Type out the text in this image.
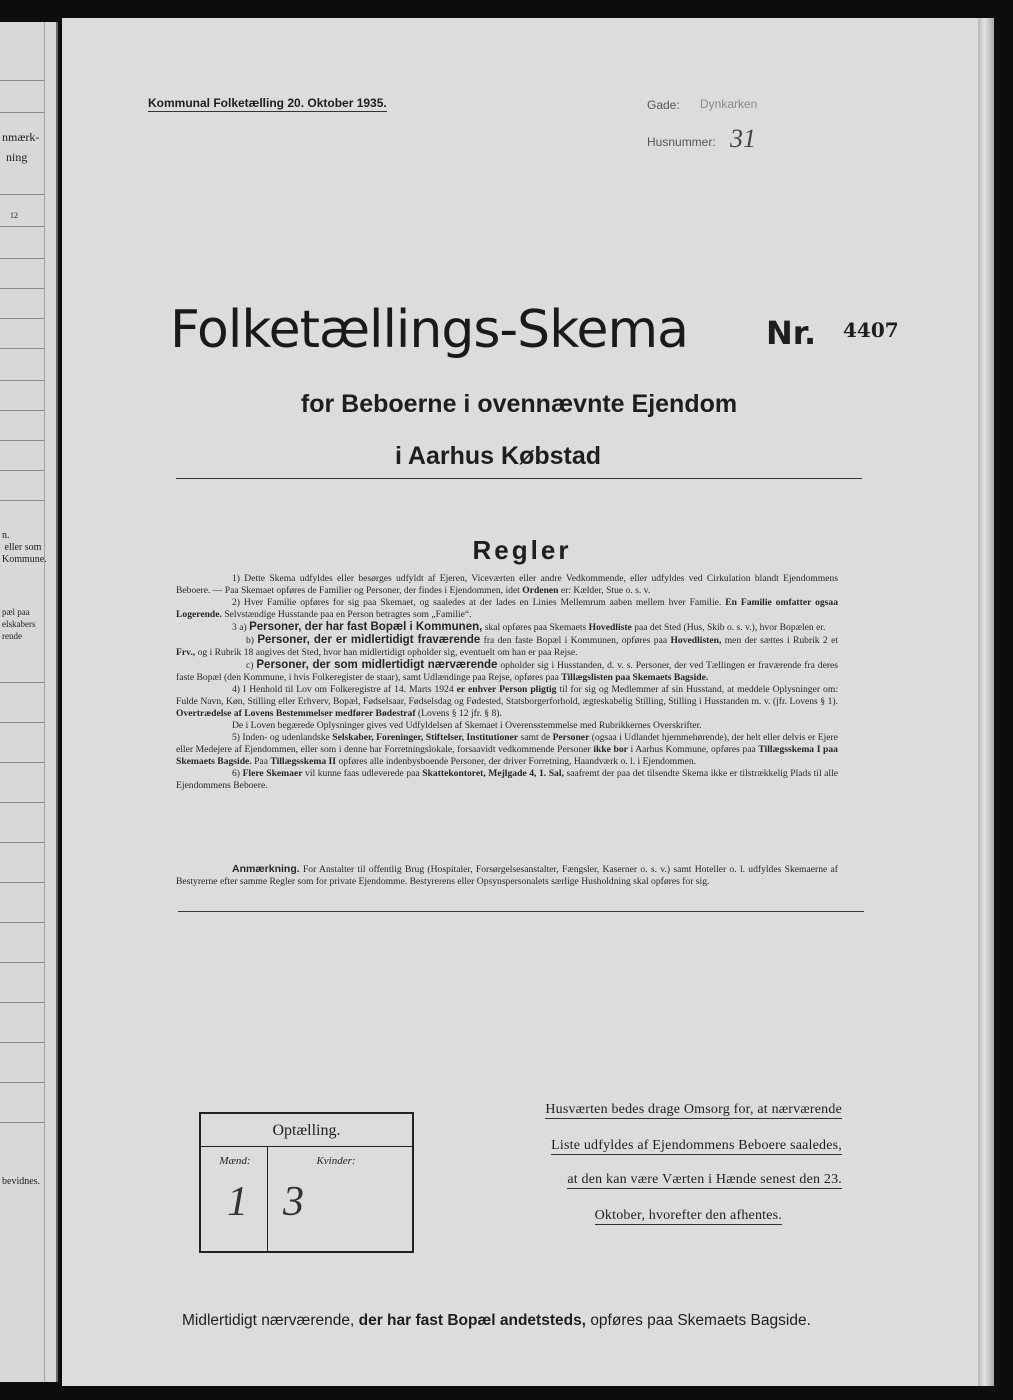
nmærk-
ning
12
n.
eller som
Kommune.
pæl paa
elskabers
rende
bevidnes.
Kommunal Folketælling 20. Oktober 1935.	Gade: Dynkarken
Husnummer: 31
Folketællings-Skema Nr. 4407
for Beboerne i ovennævnte Ejendom
i Aarhus Købstad
Regler

1) Dette Skema udfyldes eller besørges udfyldt af Ejeren, Viceværten eller andre Vedkommende, eller udfyldes ved Cirkulation blandt Ejendommens Beboere. — Paa Skemaet opføres de Familier og Personer, der findes i Ejendommen, idet Ordenen er: Kælder, Stue o. s. v.

2) Hver Familie opføres for sig paa Skemaet, og saaledes at der lades en Linies Mellemrum aaben mellem hver Familie. En Familie omfatter ogsaa Logerende. Selvstændige Husstande paa en Person betragtes som „Familie“.

3 a) Personer, der har fast Bopæl i Kommunen, skal opføres paa Skemaets Hovedliste paa det Sted (Hus, Skib o. s. v.), hvor Bopælen er.

b) Personer, der er midlertidigt fraværende fra den faste Bopæl i Kommunen, opføres paa Hovedlisten, men der sættes i Rubrik 2 et Frv., og i Rubrik 18 angives det Sted, hvor han midlertidigt opholder sig, eventuelt om han er paa Rejse.

c) Personer, der som midlertidigt nærværende opholder sig i Husstanden, d. v. s. Personer, der ved Tællingen er fraværende fra deres faste Bopæl (den Kommune, i hvis Folkeregister de staar), samt Udlændinge paa Rejse, opføres paa Tillægslisten paa Skemaets Bagside.

4) I Henhold til Lov om Folkeregistre af 14. Marts 1924 er enhver Person pligtig til for sig og Medlemmer af sin Husstand, at meddele Oplysninger om: Fulde Navn, Køn, Stilling eller Erhverv, Bopæl, Fødselsaar, Fødselsdag og Fødested, Statsborgerforhold, ægteskabelig Stilling, Stilling i Husstanden m. v. (jfr. Lovens § 1). Overtrædelse af Lovens Bestemmelser medfører Bødestraf (Lovens § 12 jfr. § 8).

De i Loven begærede Oplysninger gives ved Udfyldelsen af Skemaet i Overensstemmelse med Rubrikkernes Overskrifter.

5) Inden- og udenlandske Selskaber, Foreninger, Stiftelser, Institutioner samt de Personer (ogsaa i Udlandet hjemmehørende), der helt eller delvis er Ejere eller Medejere af Ejendommen, eller som i denne har Forretningslokale, forsaavidt vedkommende Personer ikke bor i Aarhus Kommune, opføres paa Tillægsskema I paa Skemaets Bagside. Paa Tillægsskema II opføres alle indenbysboende Personer, der driver Forretning, Haandværk o. l. i Ejendommen.

6) Flere Skemaer vil kunne faas udleverede paa Skattekontoret, Mejlgade 4, 1. Sal, saafremt der paa det tilsendte Skema ikke er tilstrækkelig Plads til alle Ejendommens Beboere.

Anmærkning. For Anstalter til offentlig Brug (Hospitaler, Forsørgelsesanstalter, Fængsler, Kaserner o. s. v.) samt Hoteller o. l. udfyldes Skemaerne af Bestyrerne efter samme Regler som for private Ejendomme. Bestyrerens eller Opsynspersonalets særlige Husholdning skal opføres for sig.
Optælling.
Mænd:	Kvinder:
1 3
Husværten bedes drage Omsorg for, at nærværende
Liste udfyldes af Ejendommens Beboere saaledes,
at den kan være Værten i Hænde senest den 23.
Oktober, hvorefter den afhentes.
Midlertidigt nærværende, der har fast Bopæl andetsteds, opføres paa Skemaets Bagside.
